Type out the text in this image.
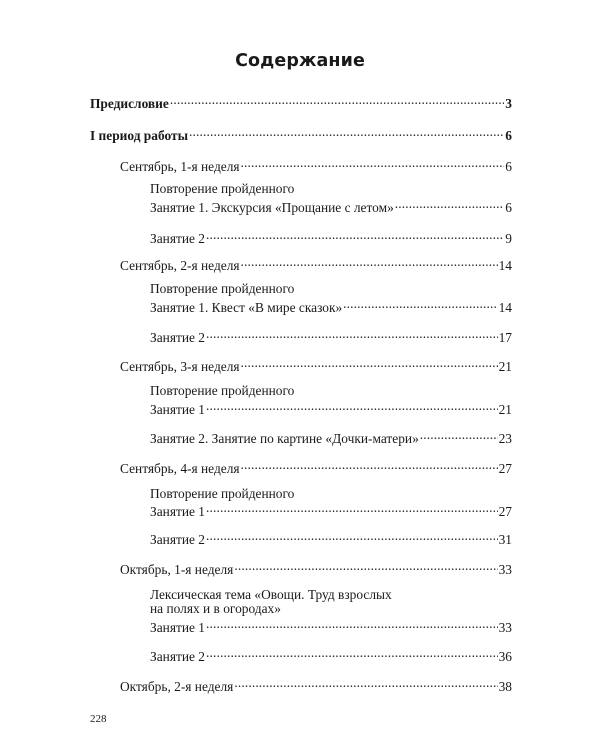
Содержание
Предисловие . . .	3
I период работы . . .	6
Сентябрь, 1-я неделя . . .	6
Повторение пройденного
Занятие 1. Экскурсия «Прощание с летом» . . .	6
Занятие 2 . . .	9
Сентябрь, 2-я неделя . . .	14
Повторение пройденного
Занятие 1. Квест «В мире сказок» . . .	14
Занятие 2 . . .	17
Сентябрь, 3-я неделя . . .	21
Повторение пройденного
Занятие 1 . . .	21
Занятие 2. Занятие по картине «Дочки-матери» . . .	23
Сентябрь, 4-я неделя . . .	27
Повторение пройденного
Занятие 1 . . .	27
Занятие 2 . . .	31
Октябрь, 1-я неделя . . .	33
Лексическая тема «Овощи. Труд взрослых
на полях и в огородах»
Занятие 1 . . .	33
Занятие 2 . . .	36
Октябрь, 2-я неделя . . .	38
228
